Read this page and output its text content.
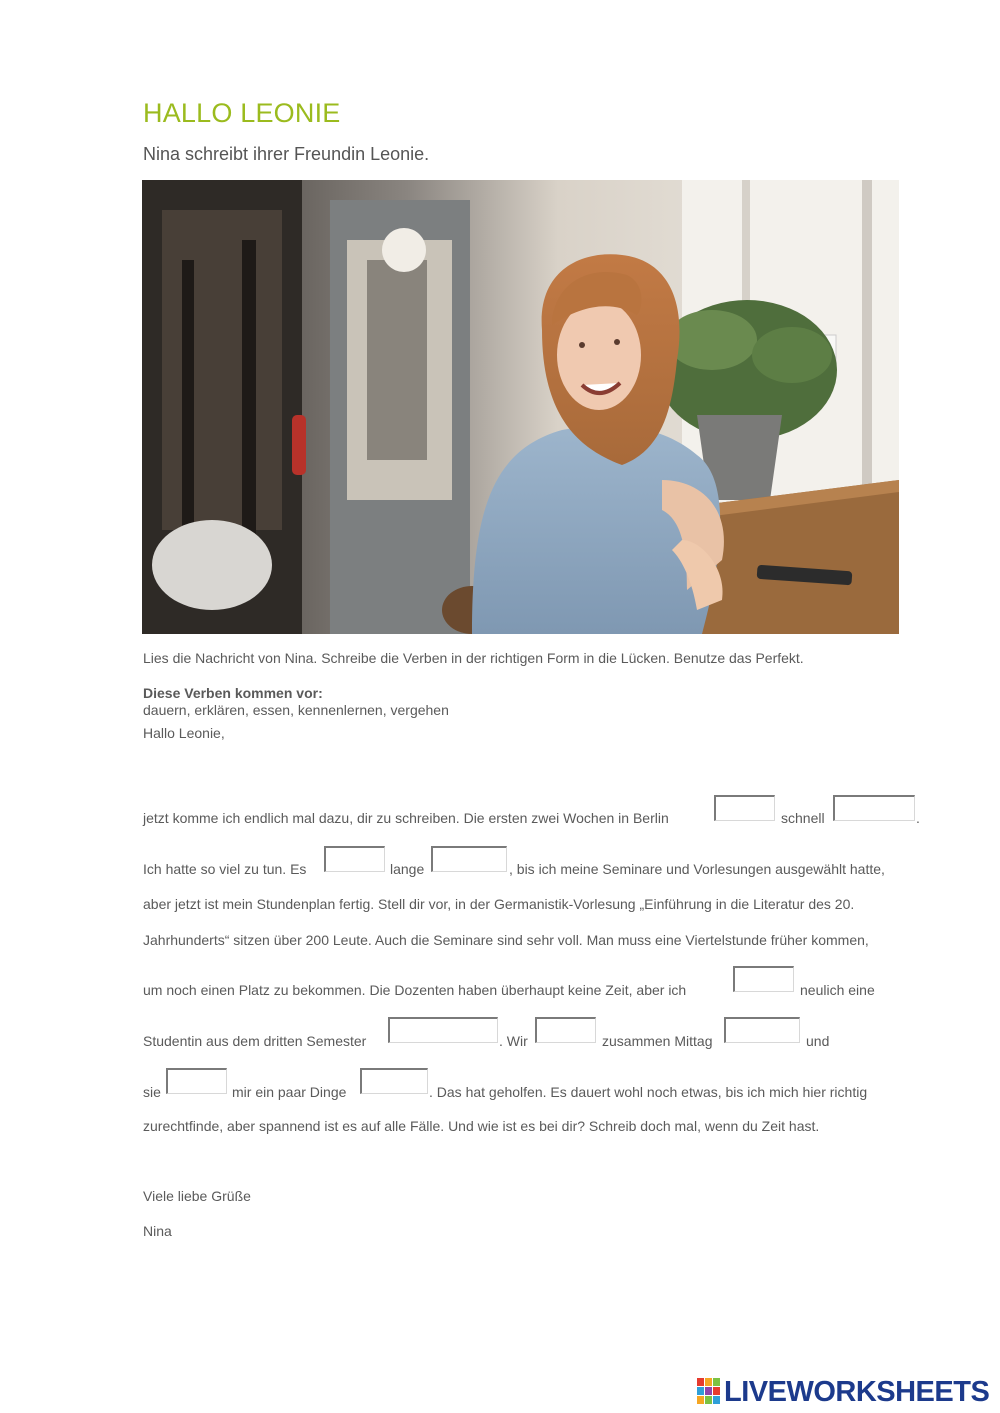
HALLO LEONIE
Nina schreibt ihrer Freundin Leonie.
Lies die Nachricht von Nina. Schreibe die Verben in der richtigen Form in die Lücken. Benutze das Perfekt.
Diese Verben kommen vor:
dauern, erklären, essen, kennenlernen, vergehen
Hallo Leonie,
jetzt komme ich endlich mal dazu, dir zu schreiben. Die ersten zwei Wochen in Berlin	schnell	.
Ich hatte so viel zu tun. Es	lange	, bis ich meine Seminare und Vorlesungen ausgewählt hatte,
aber jetzt ist mein Stundenplan fertig. Stell dir vor, in der Germanistik-Vorlesung „Einführung in die Literatur des 20.
Jahrhunderts“ sitzen über 200 Leute. Auch die Seminare sind sehr voll. Man muss eine Viertelstunde früher kommen,
um noch einen Platz zu bekommen. Die Dozenten haben überhaupt keine Zeit, aber ich	neulich eine
Studentin aus dem dritten Semester	. Wir	zusammen Mittag	und
sie	mir ein paar Dinge	. Das hat geholfen. Es dauert wohl noch etwas, bis ich mich hier richtig
zurechtfinde, aber spannend ist es auf alle Fälle. Und wie ist es bei dir? Schreib doch mal, wenn du Zeit hast.
Viele liebe Grüße
Nina
LIVEWORKSHEETS
